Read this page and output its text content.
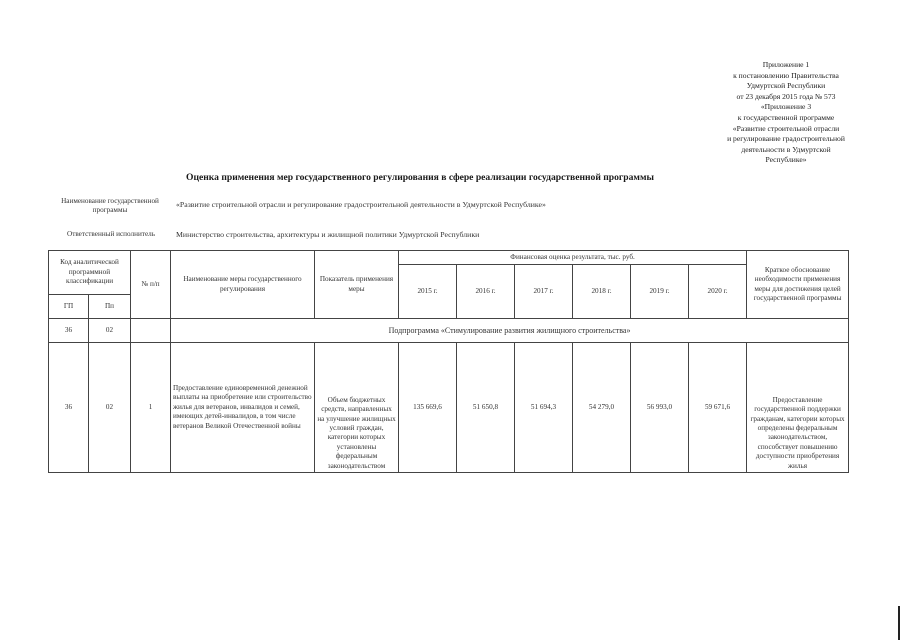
Приложение 1
к постановлению Правительства
Удмуртской Республики
от 23 декабря 2015 года № 573
«Приложение 3
к государственной программе
«Развитие строительной отрасли
и регулирование градостроительной
деятельности в Удмуртской
Республике»
Оценка применения мер государственного регулирования в сфере реализации государственной программы
Наименование государственной
программы
«Развитие строительной отрасли и регулирование градостроительной деятельности в Удмуртской Республике»
Ответственный исполнитель	Министерство строительства, архитектуры и жилищной политики Удмуртской Республики
Код аналитической программной классификации		№ п/п	Наименование меры государственного регулирования	Показатель применения меры	Финансовая оценка результата, тыс. руб.						Краткое обоснование необходимости применения меры для достижения целей государственной программы
					2015 г.	2016 г.	2017 г.	2018 г.	2019 г.	2020 г.	
ГП	Пп										
36	02		Подпрограмма «Стимулирование развития жилищного строительства»								
36	02	1	Предоставление единовременной денежной выплаты на приобретение или строительство жилья для ветеранов, инвалидов и семей, имеющих детей-инвалидов, в том числе ветеранов Великой Отечественной войны	Объем бюджетных средств, направленных на улучшение жилищных условий граждан, категории которых установлены федеральным законодательством	135 669,6	51 650,8	51 694,3	54 279,0	56 993,0	59 671,6	Предоставление государственной поддержки гражданам, категории которых определены федеральным законодательством, способствует повышению доступности приобретения жилья
